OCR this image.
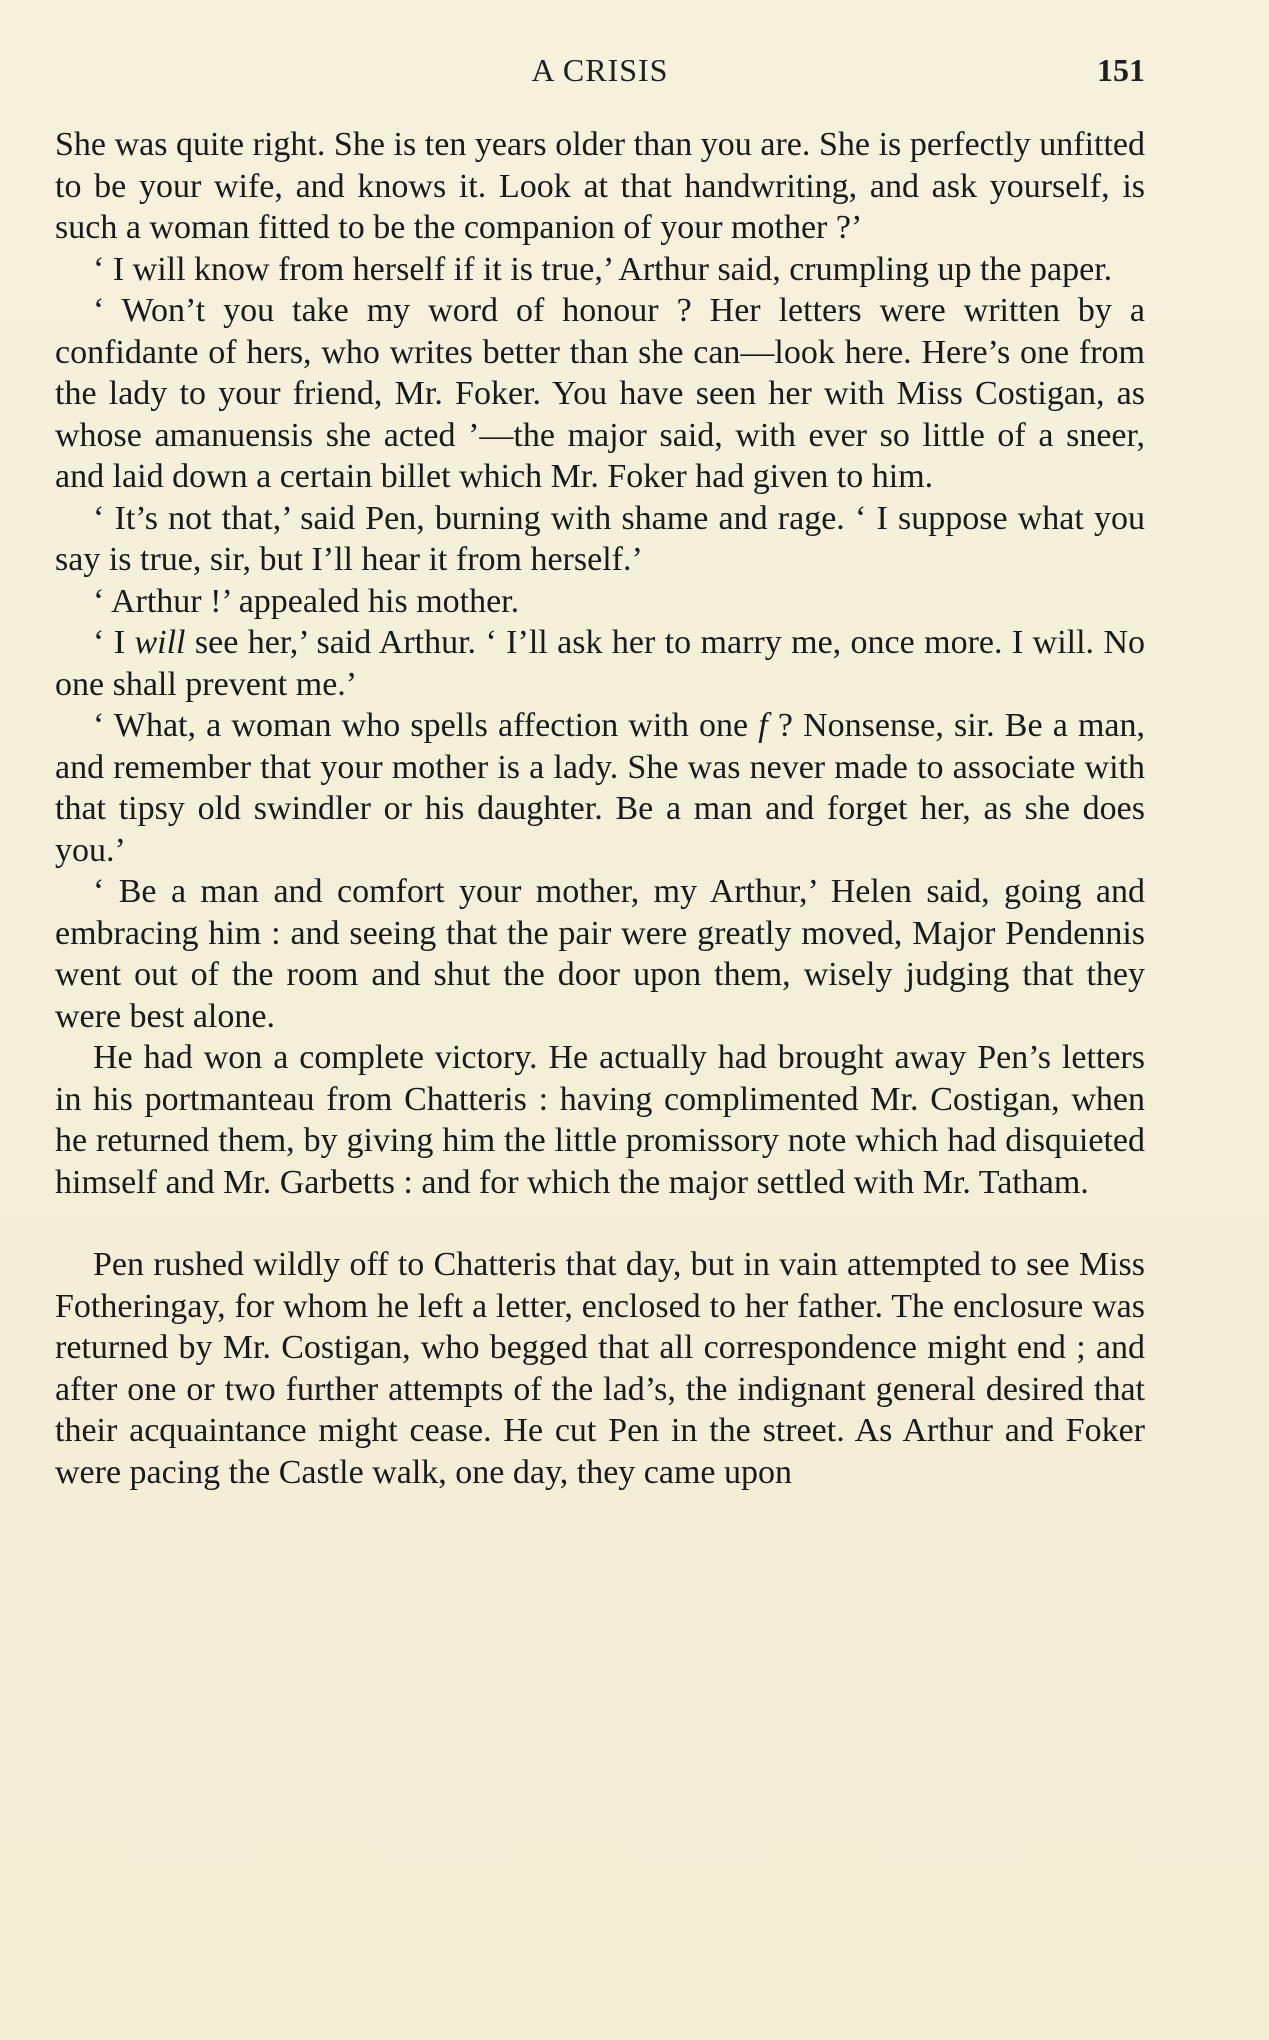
A CRISIS	151

She was quite right. She is ten years older than you are. She is perfectly unfitted to be your wife, and knows it. Look at that handwriting, and ask yourself, is such a woman fitted to be the companion of your mother ?’

‘ I will know from herself if it is true,’ Arthur said, crumpling up the paper.

‘ Won’t you take my word of honour ? Her letters were written by a confidante of hers, who writes better than she can—look here. Here’s one from the lady to your friend, Mr. Foker. You have seen her with Miss Costigan, as whose amanuensis she acted ’—the major said, with ever so little of a sneer, and laid down a certain billet which Mr. Foker had given to him.

‘ It’s not that,’ said Pen, burning with shame and rage. ‘ I suppose what you say is true, sir, but I’ll hear it from herself.’

‘ Arthur !’ appealed his mother.

‘ I will see her,’ said Arthur. ‘ I’ll ask her to marry me, once more. I will. No one shall prevent me.’

‘ What, a woman who spells affection with one f ? Nonsense, sir. Be a man, and remember that your mother is a lady. She was never made to associate with that tipsy old swindler or his daughter. Be a man and forget her, as she does you.’

‘ Be a man and comfort your mother, my Arthur,’ Helen said, going and embracing him : and seeing that the pair were greatly moved, Major Pendennis went out of the room and shut the door upon them, wisely judging that they were best alone.

He had won a complete victory. He actually had brought away Pen’s letters in his portmanteau from Chatteris : having complimented Mr. Costigan, when he returned them, by giving him the little promissory note which had disquieted himself and Mr. Garbetts : and for which the major settled with Mr. Tatham.

Pen rushed wildly off to Chatteris that day, but in vain attempted to see Miss Fotheringay, for whom he left a letter, enclosed to her father. The enclosure was returned by Mr. Costigan, who begged that all correspondence might end ; and after one or two further attempts of the lad’s, the indignant general desired that their acquaintance might cease. He cut Pen in the street. As Arthur and Foker were pacing the Castle walk, one day, they came upon
